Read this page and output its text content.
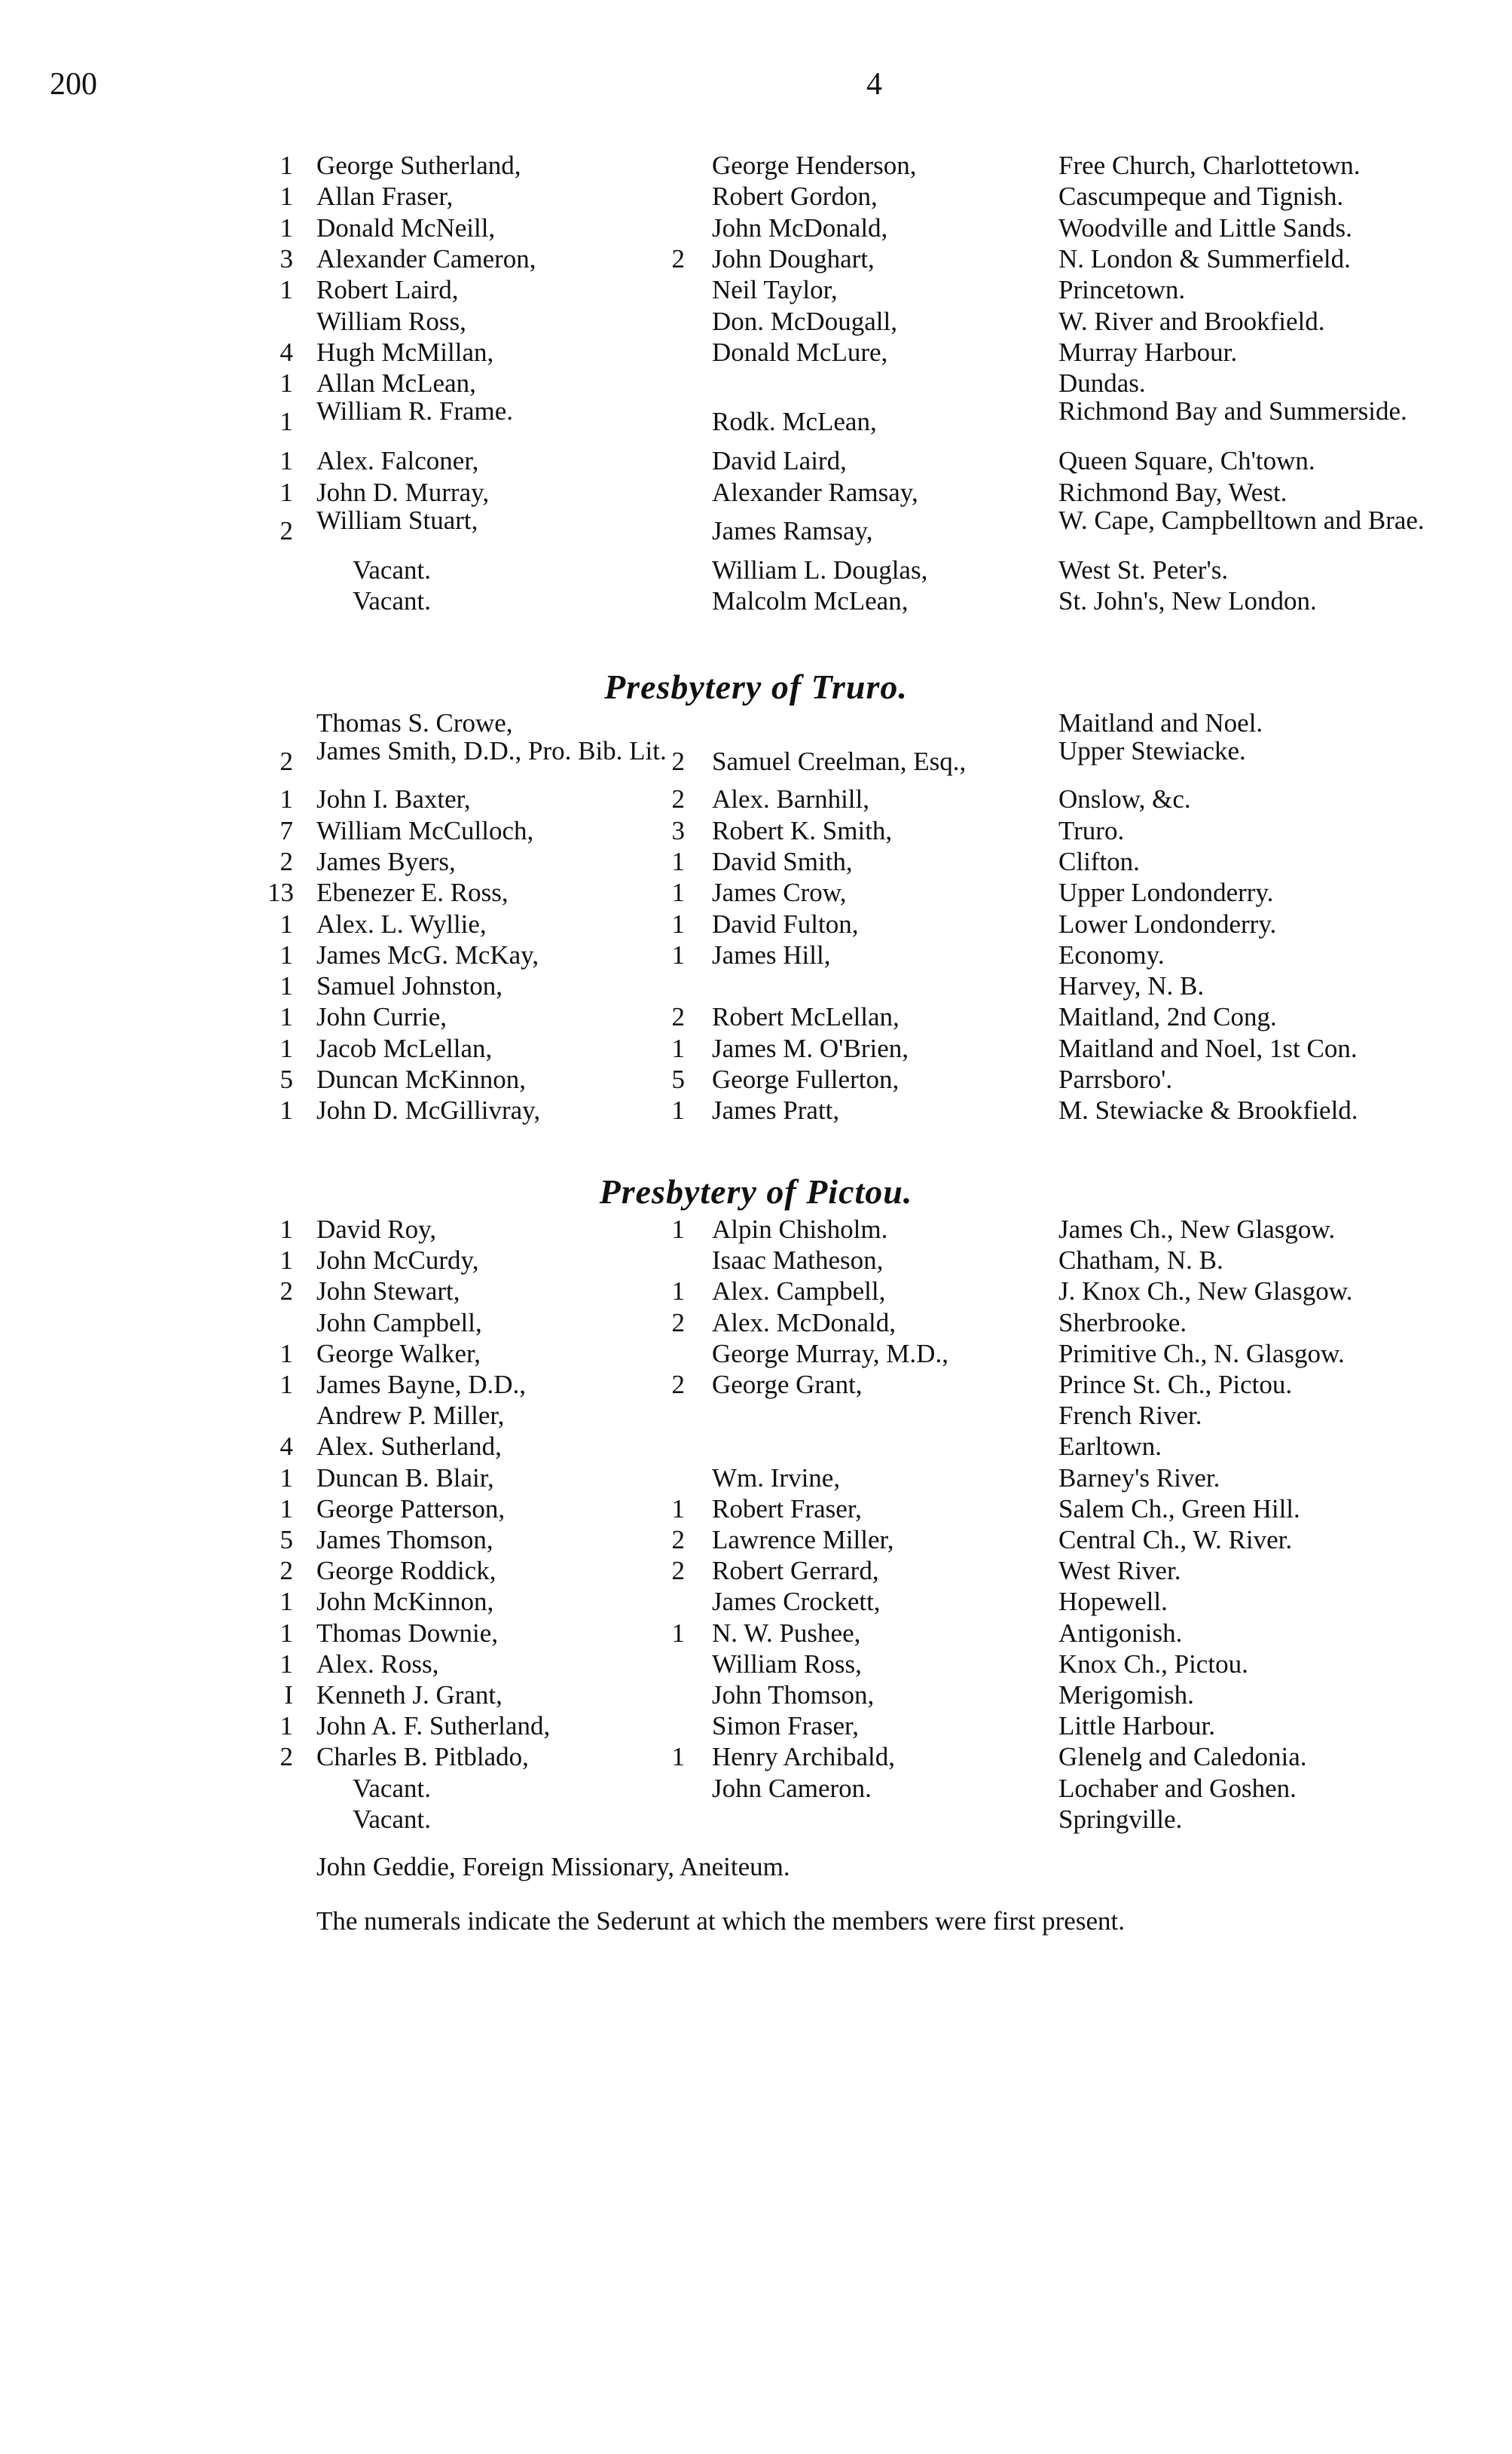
200	4
1 George Sutherland,	George Henderson,	Free Church, Charlottetown.
1 Allan Fraser,	Robert Gordon,	Cascumpeque and Tignish.
1 Donald McNeill,	John McDonald,	Woodville and Little Sands.
3 Alexander Cameron,	2 John Doughart,	N. London & Summerfield.
1 Robert Laird,	Neil Taylor,	Princetown.
William Ross,	Don. McDougall,	W. River and Brookfield.
4 Hugh McMillan,	Donald McLure,	Murray Harbour.
1 Allan McLean,	Dundas.
1 William R. Frame.	Rodk. McLean,	Richmond Bay and Summerside.
1 Alex. Falconer,	David Laird,	Queen Square, Ch'town.
1 John D. Murray,	Alexander Ramsay,	Richmond Bay, West.
2 William Stuart,	James Ramsay,	W. Cape, Campbelltown and Brae.
Vacant.	William L. Douglas,	West St. Peter's.
Vacant.	Malcolm McLean,	St. John's, New London.
Presbytery of Truro.
Thomas S. Crowe,	Maitland and Noel.
2 James Smith, D.D., Pro. Bib. Lit. 2 Samuel Creelman, Esq.,	Upper Stewiacke.
1 John I. Baxter,	2 Alex. Barnhill,	Onslow, &c.
7 William McCulloch,	3 Robert K. Smith,	Truro.
2 James Byers,	1 David Smith,	Clifton.
13 Ebenezer E. Ross,	1 James Crow,	Upper Londonderry.
1 Alex. L. Wyllie,	1 David Fulton,	Lower Londonderry.
1 James McG. McKay,	1 James Hill,	Economy.
1 Samuel Johnston,	Harvey, N. B.
1 John Currie,	2 Robert McLellan,	Maitland, 2nd Cong.
1 Jacob McLellan,	1 James M. O'Brien,	Maitland and Noel, 1st Con.
5 Duncan McKinnon,	5 George Fullerton,	Parrsboro'.
1 John D. McGillivray,	1 James Pratt,	M. Stewiacke & Brookfield.
Presbytery of Pictou.
1 David Roy,	1 Alpin Chisholm.	James Ch., New Glasgow.
1 John McCurdy,	Isaac Matheson,	Chatham, N. B.
2 John Stewart,	1 Alex. Campbell,	J. Knox Ch., New Glasgow.
John Campbell,	2 Alex. McDonald,	Sherbrooke.
1 George Walker,	George Murray, M.D.,	Primitive Ch., N. Glasgow.
1 James Bayne, D.D.,	2 George Grant,	Prince St. Ch., Pictou.
Andrew P. Miller,	French River.
4 Alex. Sutherland,	Earltown.
1 Duncan B. Blair,	Wm. Irvine,	Barney's River.
1 George Patterson,	1 Robert Fraser,	Salem Ch., Green Hill.
5 James Thomson,	2 Lawrence Miller,	Central Ch., W. River.
2 George Roddick,	2 Robert Gerrard,	West River.
1 John McKinnon,	James Crockett,	Hopewell.
1 Thomas Downie,	1 N. W. Pushee,	Antigonish.
1 Alex. Ross,	William Ross,	Knox Ch., Pictou.
I Kenneth J. Grant,	John Thomson,	Merigomish.
1 John A. F. Sutherland,	Simon Fraser,	Little Harbour.
2 Charles B. Pitblado,	1 Henry Archibald,	Glenelg and Caledonia.
Vacant.	John Cameron.	Lochaber and Goshen.
Vacant.	Springville.
John Geddie, Foreign Missionary, Aneiteum.
The numerals indicate the Sederunt at which the members were first present.
